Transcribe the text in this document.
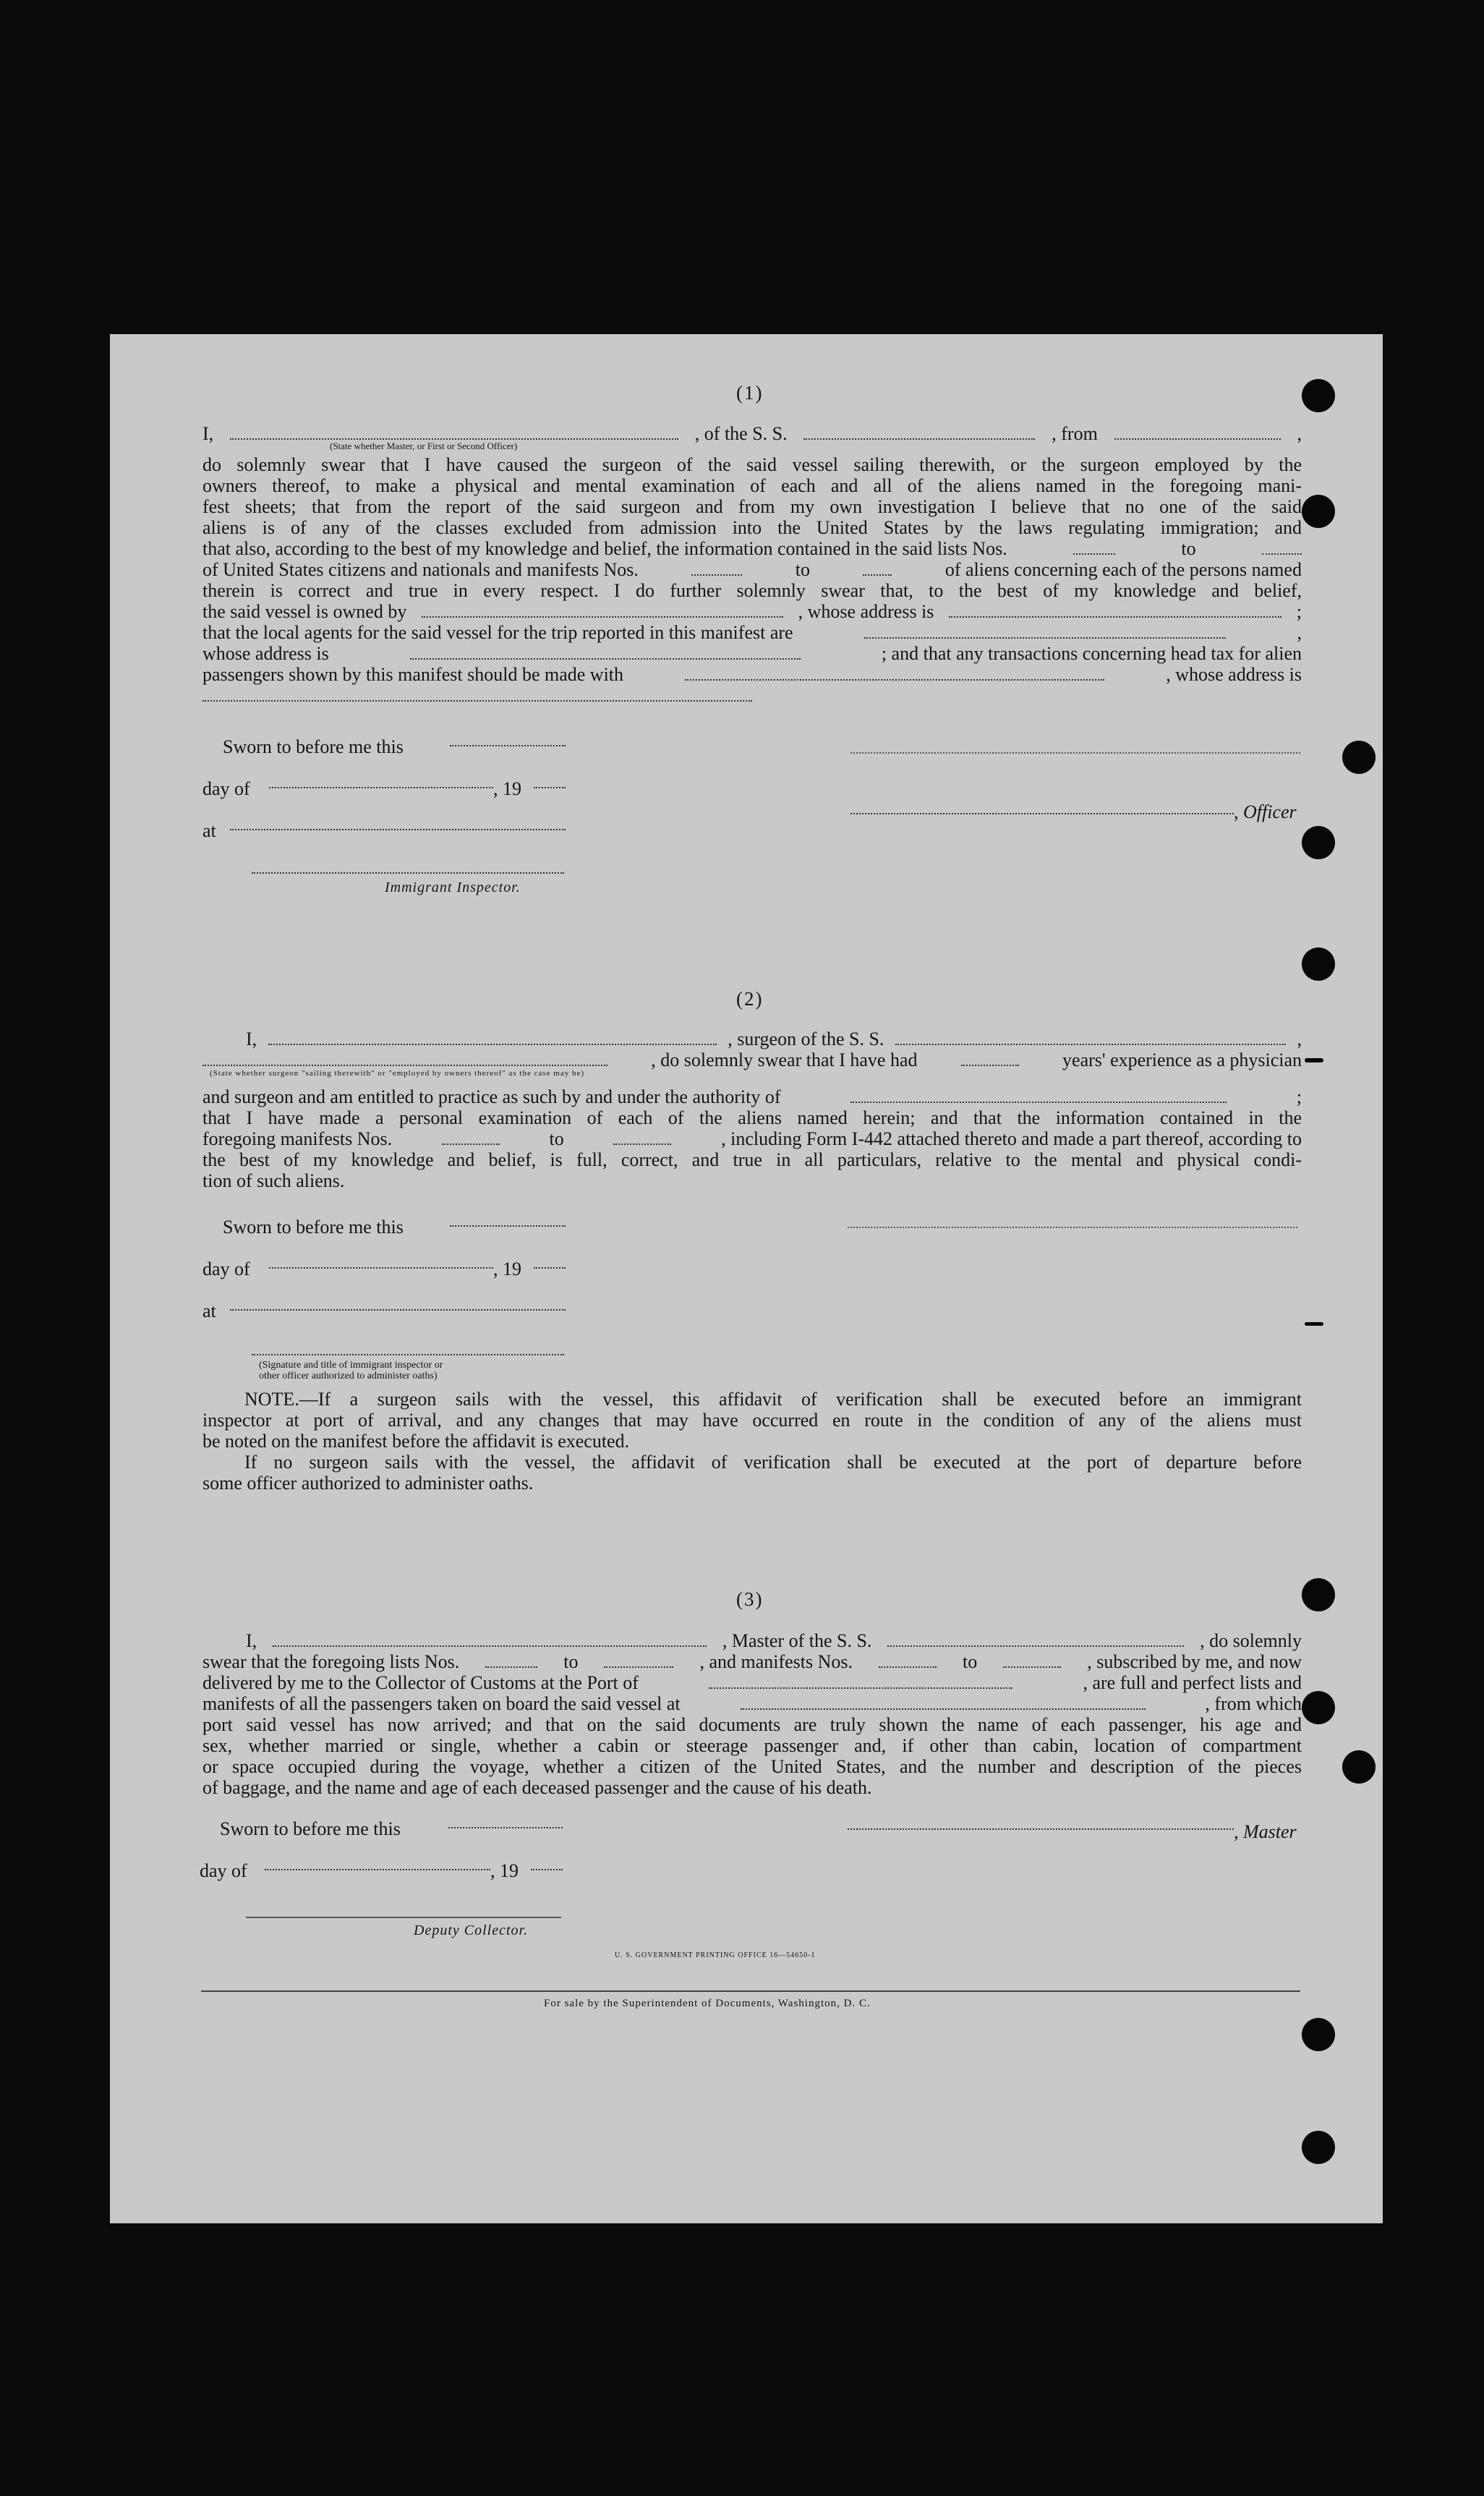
(1)
I,	, of the S. S.	, from	,
(State whether Master, or First or Second Officer)
do solemnly swear that I have caused the surgeon of the said vessel sailing therewith, or the surgeon employed by the
owners thereof, to make a physical and mental examination of each and all of the aliens named in the foregoing mani-
fest sheets; that from the report of the said surgeon and from my own investigation I believe that no one of the said
aliens is of any of the classes excluded from admission into the United States by the laws regulating immigration; and
that also, according to the best of my knowledge and belief, the information contained in the said lists Nos.	to
of United States citizens and nationals and manifests Nos.	to	of aliens concerning each of the persons named
therein is correct and true in every respect. I do further solemnly swear that, to the best of my knowledge and belief,
the said vessel is owned by	, whose address is	;
that the local agents for the said vessel for the trip reported in this manifest are	,
whose address is	; and that any transactions concerning head tax for alien
passengers shown by this manifest should be made with	, whose address is
Sworn to before me this
day of	, 19
at
Immigrant Inspector.
, Officer
(2)
I,	, surgeon of the S. S.	,
, do solemnly swear that I have had	years' experience as a physician
(State whether surgeon "sailing therewith" or "employed by owners thereof" as the case may be)
and surgeon and am entitled to practice as such by and under the authority of	;
that I have made a personal examination of each of the aliens named herein; and that the information contained in the
foregoing manifests Nos.	to	, including Form I-442 attached thereto and made a part thereof, according to
the best of my knowledge and belief, is full, correct, and true in all particulars, relative to the mental and physical condi-
tion of such aliens.
Sworn to before me this
day of	, 19
at
(Signature and title of immigrant inspector or
other officer authorized to administer oaths)
NOTE.—If a surgeon sails with the vessel, this affidavit of verification shall be executed before an immigrant
inspector at port of arrival, and any changes that may have occurred en route in the condition of any of the aliens must
be noted on the manifest before the affidavit is executed.
If no surgeon sails with the vessel, the affidavit of verification shall be executed at the port of departure before
some officer authorized to administer oaths.
(3)
I,	, Master of the S. S.	, do solemnly
swear that the foregoing lists Nos.	to	, and manifests Nos.	to	, subscribed by me, and now
delivered by me to the Collector of Customs at the Port of	, are full and perfect lists and
manifests of all the passengers taken on board the said vessel at	, from which
port said vessel has now arrived; and that on the said documents are truly shown the name of each passenger, his age and
sex, whether married or single, whether a cabin or steerage passenger and, if other than cabin, location of compartment
or space occupied during the voyage, whether a citizen of the United States, and the number and description of the pieces
of baggage, and the name and age of each deceased passenger and the cause of his death.
Sworn to before me this	, Master
day of	, 19
Deputy Collector.
U. S. GOVERNMENT PRINTING OFFICE 16—54650-1
For sale by the Superintendent of Documents, Washington, D. C.
